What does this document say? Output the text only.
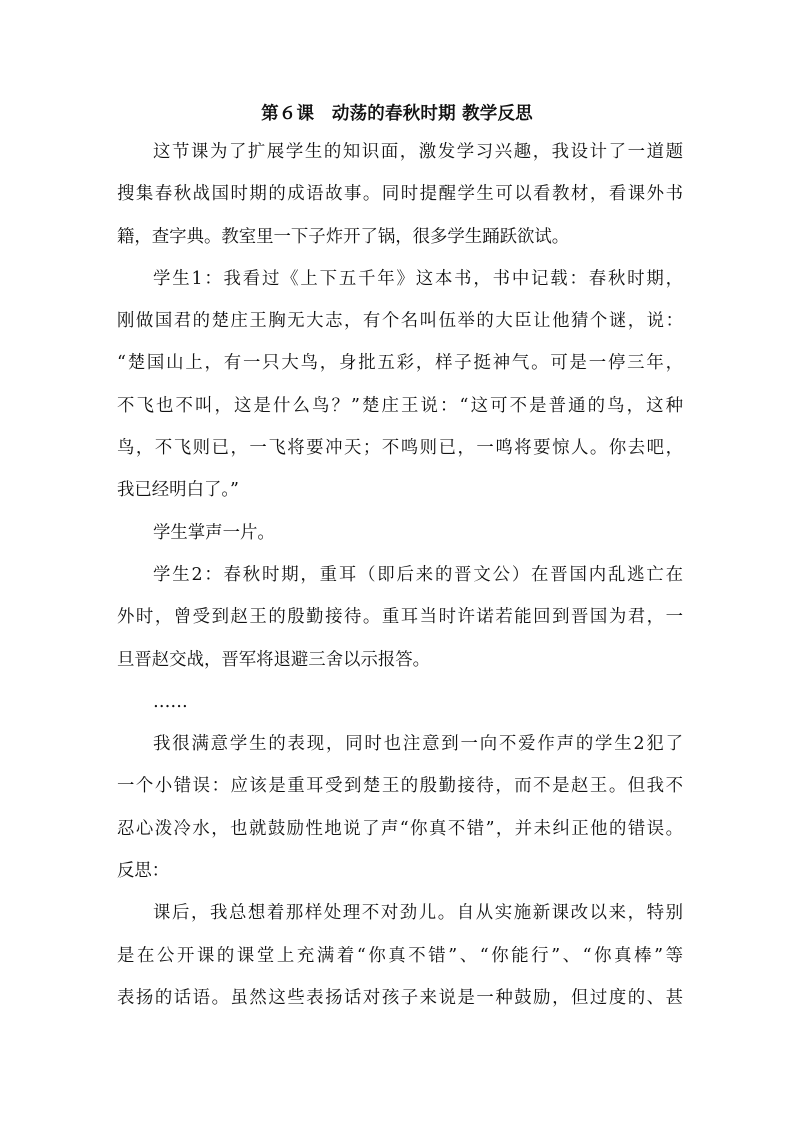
第６课　动荡的春秋时期 教学反思
这节课为了扩展学生的知识面，激发学习兴趣，我设计了一道题
搜集春秋战国时期的成语故事。同时提醒学生可以看教材，看课外书
籍，查字典。教室里一下子炸开了锅，很多学生踊跃欲试。
学生1：我看过《上下五千年》这本书，书中记载：春秋时期，
刚做国君的楚庄王胸无大志，有个名叫伍举的大臣让他猜个谜，说：
“楚国山上，有一只大鸟，身批五彩，样子挺神气。可是一停三年，
不飞也不叫，这是什么鸟？”楚庄王说：“这可不是普通的鸟，这种
鸟，不飞则已，一飞将要冲天；不鸣则已，一鸣将要惊人。你去吧，
我已经明白了。”
学生掌声一片。
学生2：春秋时期，重耳（即后来的晋文公）在晋国内乱逃亡在
外时，曾受到赵王的殷勤接待。重耳当时许诺若能回到晋国为君，一
旦晋赵交战，晋军将退避三舍以示报答。
……
我很满意学生的表现，同时也注意到一向不爱作声的学生2犯了
一个小错误：应该是重耳受到楚王的殷勤接待，而不是赵王。但我不
忍心泼冷水，也就鼓励性地说了声“你真不错”，并未纠正他的错误。
反思：
课后，我总想着那样处理不对劲儿。自从实施新课改以来，特别
是在公开课的课堂上充满着“你真不错”、“你能行”、“你真棒”等
表扬的话语。虽然这些表扬话对孩子来说是一种鼓励，但过度的、甚
